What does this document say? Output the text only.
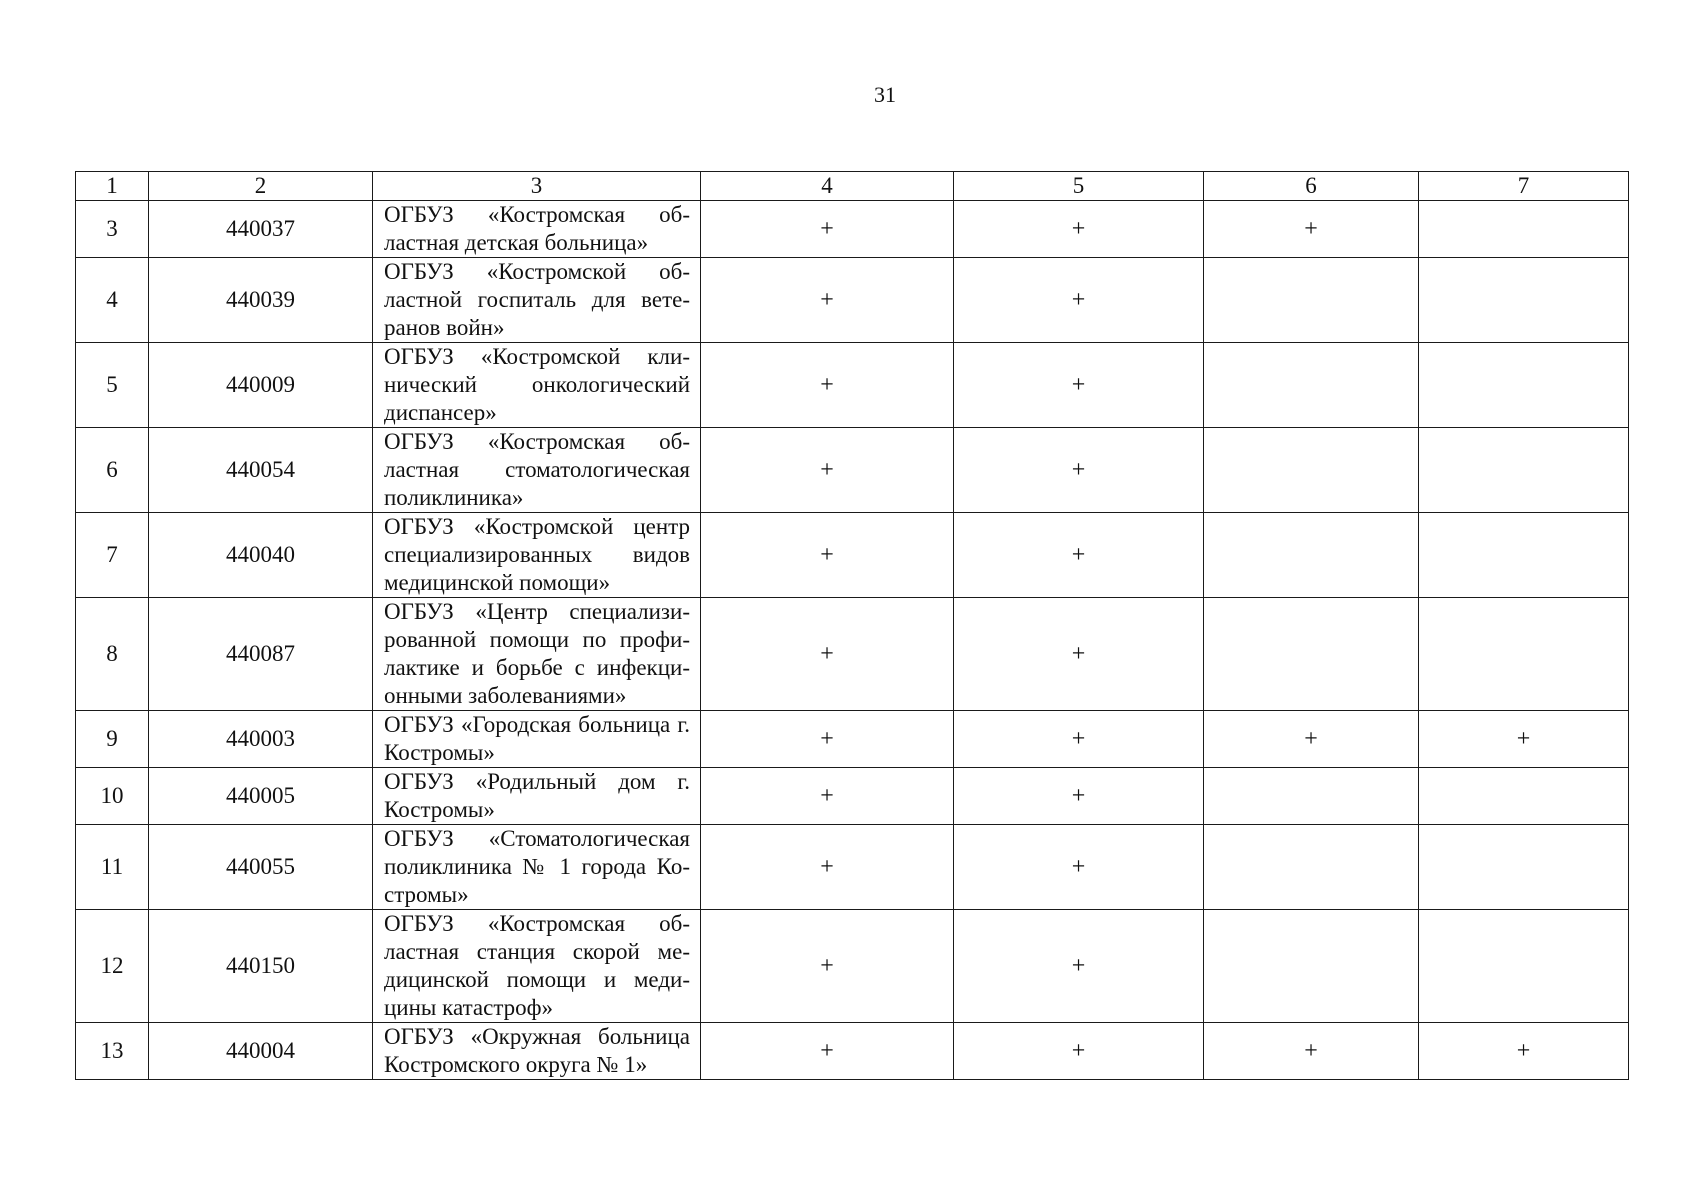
31
1	2	3	4	5	6	7
3	440037	ОГБУЗ «Костромская областная детская больница»	+	+	+	
4	440039	ОГБУЗ «Костромской областной госпиталь для ветеранов войн»	+	+		
5	440009	ОГБУЗ «Костромской клинический онкологический диспансер»	+	+		
6	440054	ОГБУЗ «Костромская областная стоматологическая поликлиника»	+	+		
7	440040	ОГБУЗ «Костромской центр специализированных видов медицинской помощи»	+	+		
8	440087	ОГБУЗ «Центр специализированной помощи по профилактике и борьбе с инфекционными заболеваниями»	+	+		
9	440003	ОГБУЗ «Городская больница г. Костромы»	+	+	+	+
10	440005	ОГБУЗ «Родильный дом г. Костромы»	+	+		
11	440055	ОГБУЗ «Стоматологическая поликлиника № 1 города Костромы»	+	+		
12	440150	ОГБУЗ «Костромская областная станция скорой медицинской помощи и медицины катастроф»	+	+		
13	440004	ОГБУЗ «Окружная больница Костромского округа № 1»	+	+	+	+
